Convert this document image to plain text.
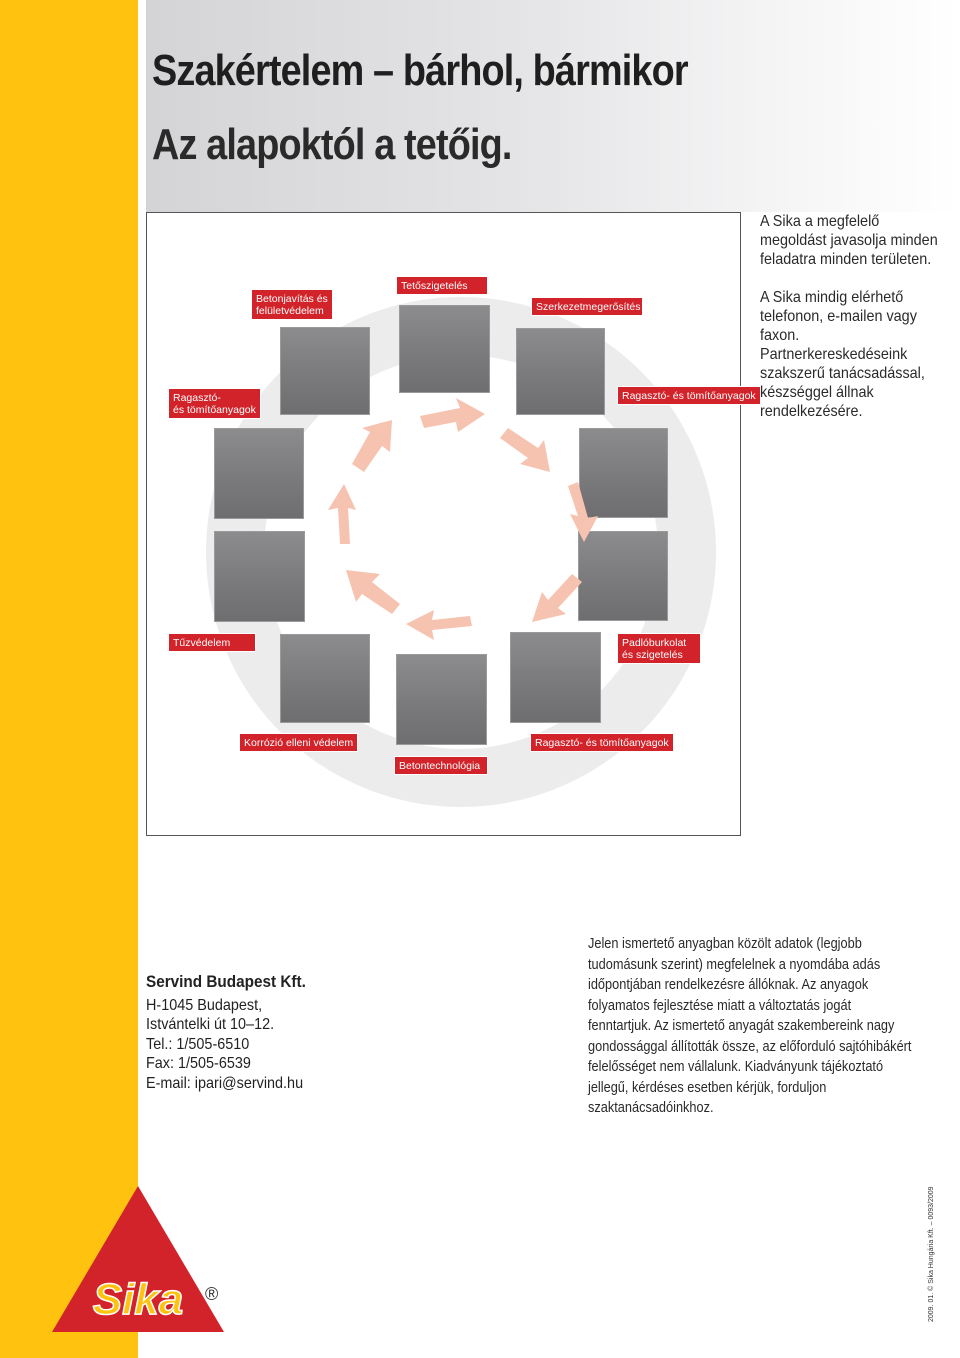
Szakértelem – bárhol, bármikor
Az alapoktól a tetőig.
Ragasztó-
és tömítőanyagok
Betonjavítás és
felületvédelem
Tetőszigetelés
Szerkezetmegerősítés
Ragasztó- és tömítőanyagok
Tűzvédelem	Padlóburkolat
és szigetelés
Korrózió elleni védelem	Ragasztó- és tömítőanyagok
Betontechnológia

A Sika a megfelelő megoldást javasolja minden feladatra minden területen.

A Sika mindig elérhető telefonon, e-mailen vagy faxon. Partnerkereskedéseink szakszerű tanácsadással, készséggel állnak rendelkezésére.

Servind Budapest Kft.
H-1045 Budapest,
Istvántelki út 10–12.
Tel.: 1/505-6510
Fax: 1/505-6539
E-mail: ipari@servind.hu
Jelen ismertető anyagban közölt adatok (legjobb tudomásunk szerint) megfelelnek a nyomdába adás időpontjában rendelkezésre állóknak. Az anyagok folyamatos fejlesztése miatt a változtatás jogát fenntartjuk. Az ismertető anyagát szakembereink nagy gondossággal állították össze, az előforduló sajtóhibákért felelősséget nem vállalunk. Kiadványunk tájékoztató jellegű, kérdéses esetben kérjük, forduljon szaktanácsadóinkhoz.
Sika ®	2009. 01. © Sika Hungária Kft. – 0093/2009
